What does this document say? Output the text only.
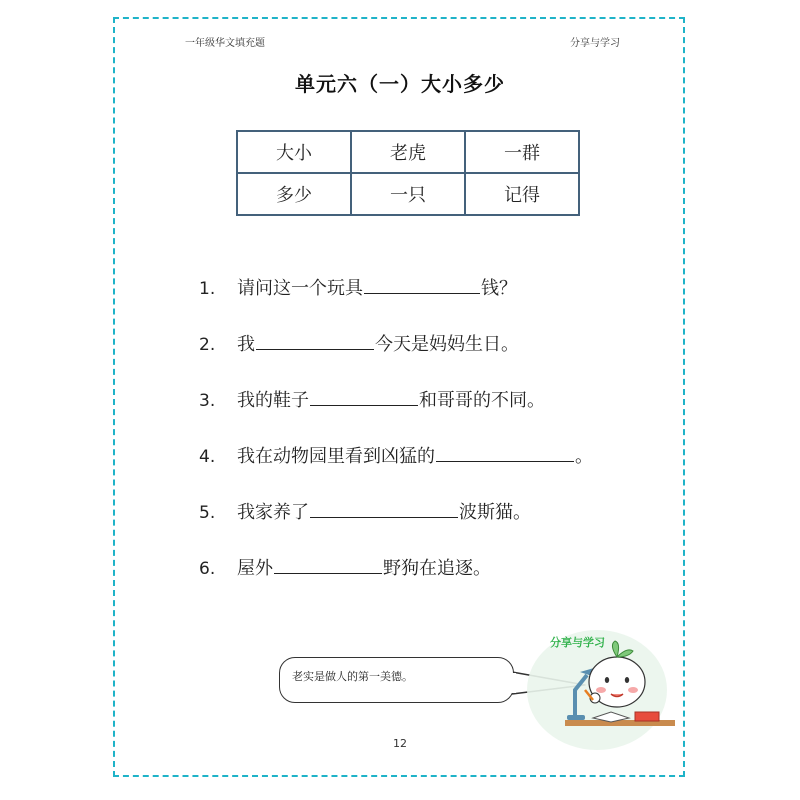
一年级华文填充题	分享与学习
单元六（一）大小多少
大小	老虎	一群
多少	一只	记得
1.	请问这一个玩具	钱？
2.	我	今天是妈妈生日。
3.	我的鞋子	和哥哥的不同。
4.	我在动物园里看到凶猛的	。
5.	我家养了	波斯猫。
6.	屋外	野狗在追逐。
老实是做人的第一美德。
分享与学习
12
